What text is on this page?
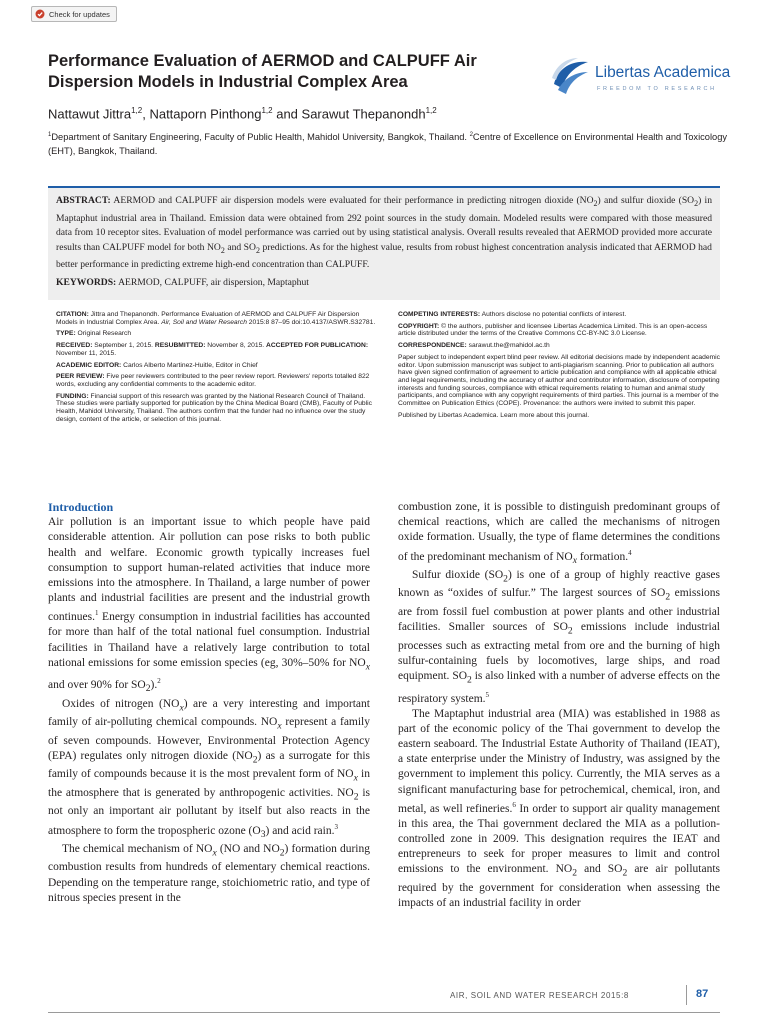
Check for updates
Performance Evaluation of AERMOD and CALPUFF Air Dispersion Models in Industrial Complex Area
Libertas Academica
FREEDOM TO RESEARCH
Nattawut Jittra$^{1,2}$, Nattaporn Pinthong$^{1,2}$ and Sarawut Thepanondh$^{1,2}$
$^1$Department of Sanitary Engineering, Faculty of Public Health, Mahidol University, Bangkok, Thailand. $^2$Centre of Excellence on Environmental Health and Toxicology (EHT), Bangkok, Thailand.
ABSTRACT: AERMOD and CALPUFF air dispersion models were evaluated for their performance in predicting nitrogen dioxide $(NO_2)$ and sulfur dioxide $(SO_2)$ in Maptaphut industrial area in Thailand. Emission data were obtained from 292 point sources in the study domain. Modeled results were compared with those measured data from 10 receptor sites. Evaluation of model performance was carried out by using statistical analysis. Overall results revealed that AERMOD provided more accurate results than CALPUFF model for both $NO_2$ and $SO_2$ predictions. As for the highest value, results from robust highest concentration analysis indicated that AERMOD had better performance in predicting extreme high-end concentration than CALPUFF.
KEYWORDS: AERMOD, CALPUFF, air dispersion, Maptaphut

CITATION: Jittra and Thepanondh. Performance Evaluation of AERMOD and CALPUFF Air Dispersion Models in Industrial Complex Area. Air, Soil and Water Research 2015:8 87–95 doi:10.4137/ASWR.S32781.

TYPE: Original Research

RECEIVED: September 1, 2015. RESUBMITTED: November 8, 2015. ACCEPTED FOR PUBLICATION: November 11, 2015.

ACADEMIC EDITOR: Carlos Alberto Martinez-Huitle, Editor in Chief

PEER REVIEW: Five peer reviewers contributed to the peer review report. Reviewers' reports totalled 822 words, excluding any confidential comments to the academic editor.

FUNDING: Financial support of this research was granted by the National Research Council of Thailand. These studies were partially supported for publication by the China Medical Board (CMB), Faculty of Public Health, Mahidol University, Thailand. The authors confirm that the funder had no influence over the study design, content of the article, or selection of this journal.

COMPETING INTERESTS: Authors disclose no potential conflicts of interest.

COPYRIGHT: © the authors, publisher and licensee Libertas Academica Limited. This is an open-access article distributed under the terms of the Creative Commons CC-BY-NC 3.0 License.

CORRESPONDENCE: sarawut.the@mahidol.ac.th

Paper subject to independent expert blind peer review. All editorial decisions made by independent academic editor. Upon submission manuscript was subject to anti-plagiarism scanning. Prior to publication all authors have given signed confirmation of agreement to article publication and compliance with all applicable ethical and legal requirements, including the accuracy of author and contributor information, disclosure of competing interests and funding sources, compliance with ethical requirements relating to human and animal study participants, and compliance with any copyright requirements of third parties. This journal is a member of the Committee on Publication Ethics (COPE). Provenance: the authors were invited to submit this paper.

Published by Libertas Academica. Learn more about this journal.

Introduction

Air pollution is an important issue to which people have paid considerable attention. Air pollution can pose risks to both public health and welfare. Economic growth typically increases fuel consumption to support human-related activities that induce more emissions into the atmosphere. In Thailand, a large number of power plants and industrial facilities are present and the industrial growth continues.$^1$ Energy consumption in industrial facilities has accounted for more than half of the total national fuel consumption. Industrial facilities in Thailand have a relatively large contribution to total national emissions for some emission species (eg, 30%–50% for $NO_x$ and over 90% for $SO_2).^2$

Oxides of nitrogen $(NO_x)$ are a very interesting and important family of air-polluting chemical compounds. $NO_x$ represent a family of seven compounds. However, Environmental Protection Agency (EPA) regulates only nitrogen dioxide $(NO_2)$ as a surrogate for this family of compounds because it is the most prevalent form of $NO_x$ in the atmosphere that is generated by anthropogenic activities. $NO_2$ is not only an important air pollutant by itself but also reacts in the atmosphere to form the tropospheric ozone $(O_3)$ and acid rain.$^3$

The chemical mechanism of $NO_x$ (NO and $NO_2$) formation during combustion results from hundreds of elementary chemical reactions. Depending on the temperature range, stoichiometric ratio, and type of nitrous species present in the

combustion zone, it is possible to distinguish predominant groups of chemical reactions, which are called the mechanisms of nitrogen oxide formation. Usually, the type of flame determines the conditions of the predominant mechanism of $NO_x$ formation.$^4$

Sulfur dioxide $(SO_2)$ is one of a group of highly reactive gases known as “oxides of sulfur.” The largest sources of $SO_2$ emissions are from fossil fuel combustion at power plants and other industrial facilities. Smaller sources of $SO_2$ emissions include industrial processes such as extracting metal from ore and the burning of high sulfur-containing fuels by locomotives, large ships, and road equipment. $SO_2$ is also linked with a number of adverse effects on the respiratory system.$^5$

The Maptaphut industrial area (MIA) was established in 1988 as part of the economic policy of the Thai government to develop the eastern seaboard. The Industrial Estate Authority of Thailand (IEAT), a state enterprise under the Ministry of Industry, was assigned by the government to implement this policy. Currently, the MIA serves as a significant manufacturing base for petrochemical, chemical, iron, and metal, as well refineries.$^6$ In order to support air quality management in this area, the Thai government declared the MIA as a pollution-controlled zone in 2009. This designation requires the IEAT and entrepreneurs to seek for proper measures to limit and control emissions to the environment. $NO_2$ and $SO_2$ are air pollutants required by the government for consideration when assessing the impacts of an industrial facility in order

AIR, SOIL AND WATER RESEARCH 2015:8	87
